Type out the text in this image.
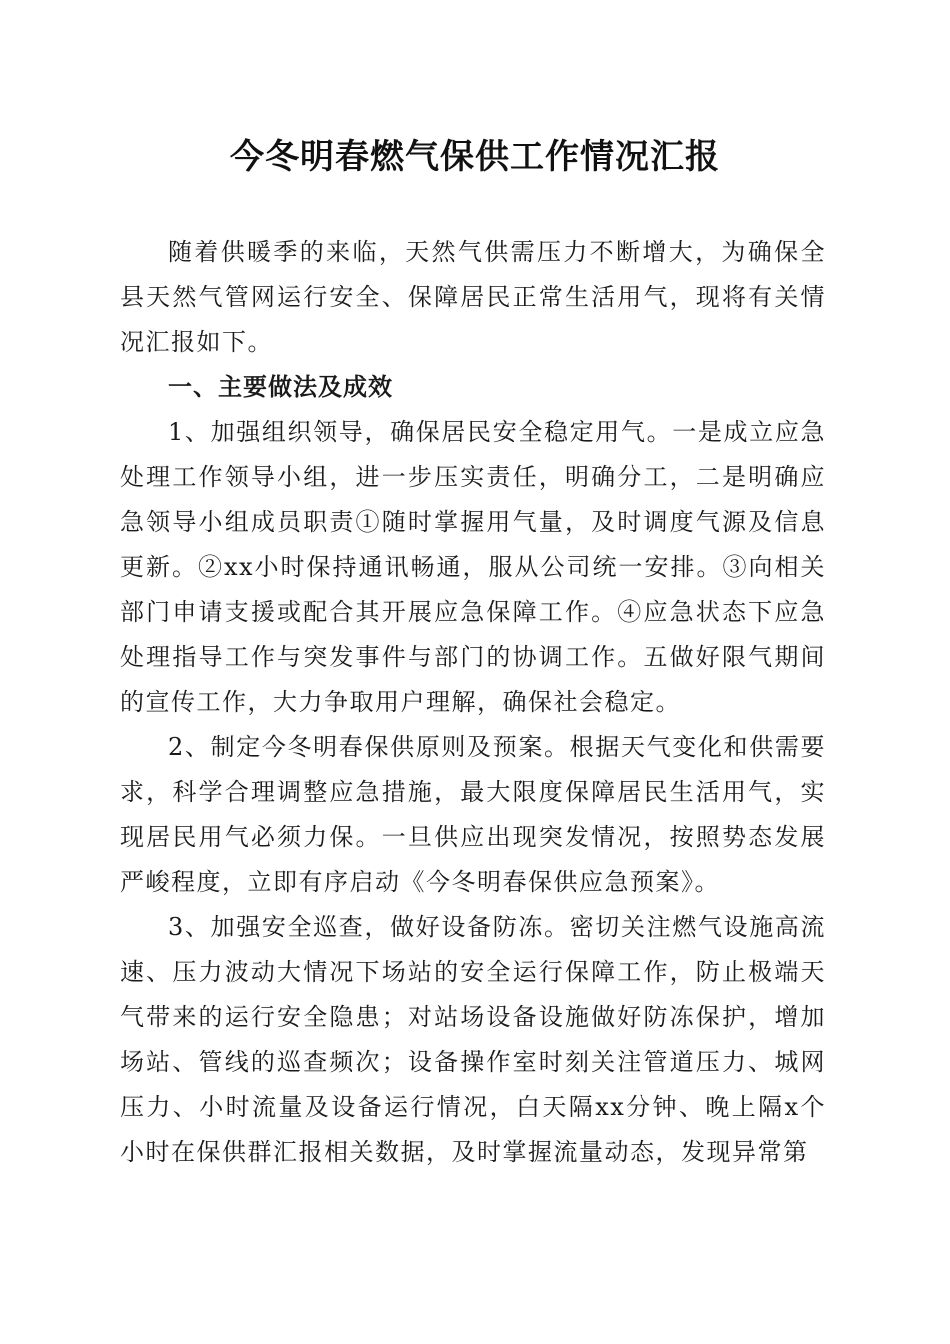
今冬明春燃气保供工作情况汇报

随着供暖季的来临，天然气供需压力不断增大，为确保全县天然气管网运行安全、保障居民正常生活用气，现将有关情况汇报如下。

一、主要做法及成效

1、加强组织领导，确保居民安全稳定用气。一是成立应急处理工作领导小组，进一步压实责任，明确分工，二是明确应急领导小组成员职责①随时掌握用气量，及时调度气源及信息更新。②xx小时保持通讯畅通，服从公司统一安排。③向相关部门申请支援或配合其开展应急保障工作。④应急状态下应急处理指导工作与突发事件与部门的协调工作。五做好限气期间的宣传工作，大力争取用户理解，确保社会稳定。

2、制定今冬明春保供原则及预案。根据天气变化和供需要求，科学合理调整应急措施，最大限度保障居民生活用气，实现居民用气必须力保。一旦供应出现突发情况，按照势态发展严峻程度，立即有序启动《今冬明春保供应急预案》。

3、加强安全巡查，做好设备防冻。密切关注燃气设施高流速、压力波动大情况下场站的安全运行保障工作，防止极端天气带来的运行安全隐患；对站场设备设施做好防冻保护，增加场站、管线的巡查频次；设备操作室时刻关注管道压力、城网压力、小时流量及设备运行情况，白天隔xx分钟、晚上隔x个小时在保供群汇报相关数据，及时掌握流量动态，发现异常第
